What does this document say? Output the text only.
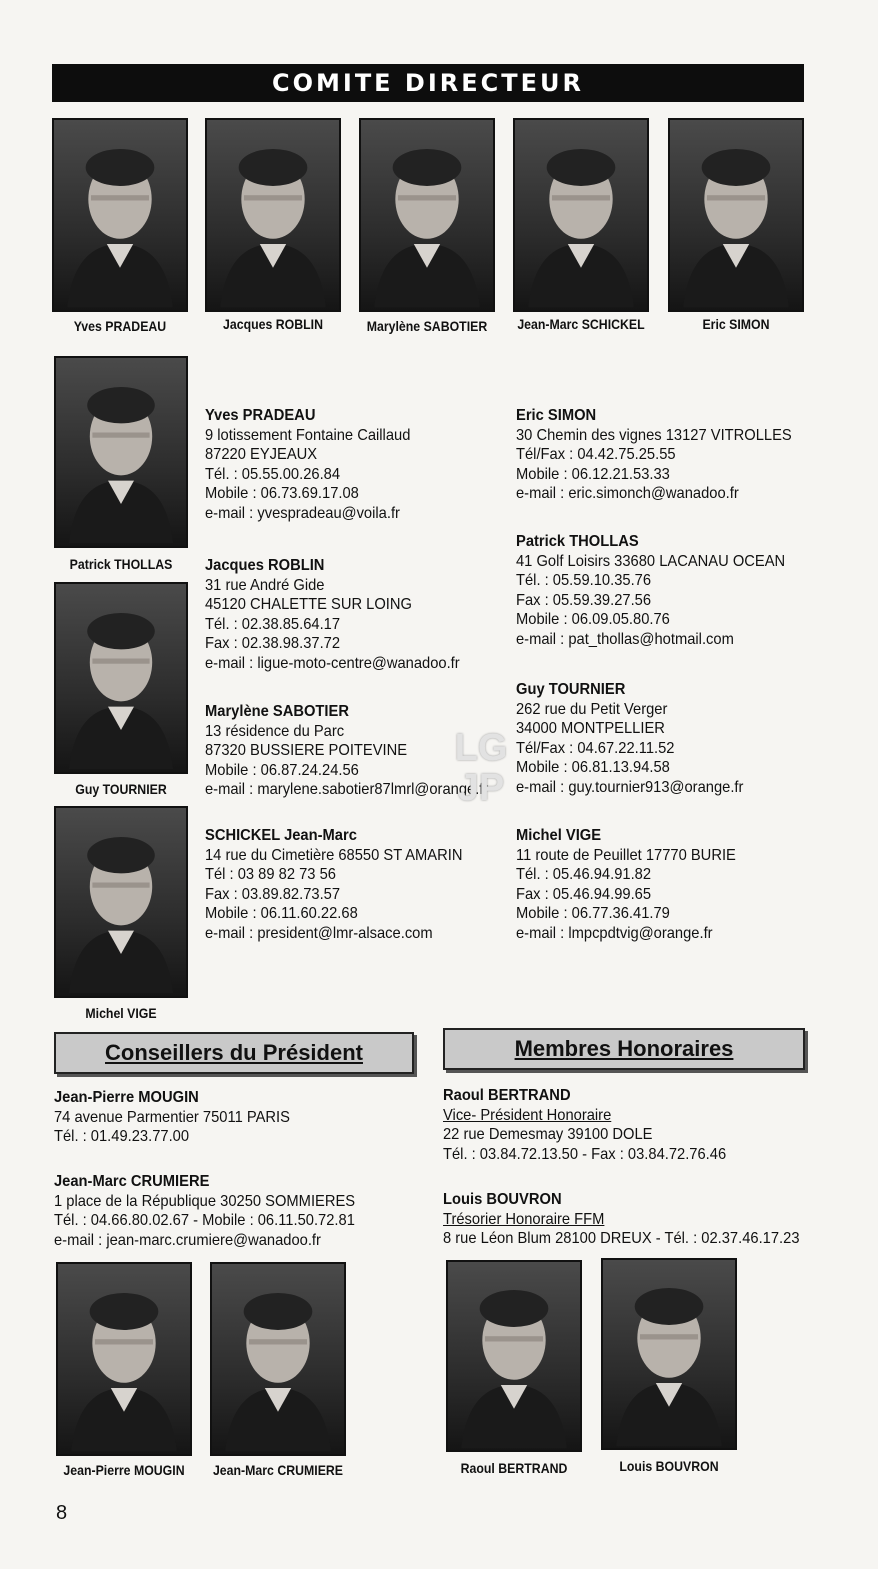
COMITE DIRECTEUR
Yves PRADEAU	Jacques ROBLIN	Marylène SABOTIER	Jean-Marc SCHICKEL	Eric SIMON
Patrick THOLLAS
Guy TOURNIER
Michel VIGE
Yves PRADEAU
9 lotissement Fontaine Caillaud
87220 EYJEAUX
Tél. : 05.55.00.26.84
Mobile : 06.73.69.17.08
e-mail : yvespradeau@voila.fr
Jacques ROBLIN
31 rue André Gide
45120 CHALETTE SUR LOING
Tél. : 02.38.85.64.17
Fax : 02.38.98.37.72
e-mail : ligue-moto-centre@wanadoo.fr
Marylène SABOTIER
13 résidence du Parc
87320 BUSSIERE POITEVINE
Mobile : 06.87.24.24.56
e-mail : marylene.sabotier87lmrl@orange.fr
SCHICKEL Jean-Marc
14 rue du Cimetière 68550 ST AMARIN
Tél : 03 89 82 73 56
Fax : 03.89.82.73.57
Mobile : 06.11.60.22.68
e-mail : president@lmr-alsace.com
Eric SIMON
30 Chemin des vignes 13127 VITROLLES
Tél/Fax : 04.42.75.25.55
Mobile : 06.12.21.53.33
e-mail : eric.simonch@wanadoo.fr
Patrick THOLLAS
41 Golf Loisirs 33680 LACANAU OCEAN
Tél. : 05.59.10.35.76
Fax : 05.59.39.27.56
Mobile : 06.09.05.80.76
e-mail : pat_thollas@hotmail.com
Guy TOURNIER
262 rue du Petit Verger
34000 MONTPELLIER
Tél/Fax : 04.67.22.11.52
Mobile : 06.81.13.94.58
e-mail : guy.tournier913@orange.fr
Michel VIGE
11 route de Peuillet 17770 BURIE
Tél. : 05.46.94.91.82
Fax : 05.46.94.99.65
Mobile : 06.77.36.41.79
e-mail : lmpcpdtvig@orange.fr
LG JP
Conseillers du Président	Membres Honoraires
Jean-Pierre MOUGIN
74 avenue Parmentier 75011 PARIS
Tél. : 01.49.23.77.00
Jean-Marc CRUMIERE
1 place de la République 30250 SOMMIERES
Tél. : 04.66.80.02.67 - Mobile : 06.11.50.72.81
e-mail : jean-marc.crumiere@wanadoo.fr
Raoul BERTRAND
Vice- Président Honoraire
22 rue Demesmay 39100 DOLE
Tél. : 03.84.72.13.50 - Fax : 03.84.72.76.46
Louis BOUVRON
Trésorier Honoraire FFM
8 rue Léon Blum 28100 DREUX - Tél. : 02.37.46.17.23
Jean-Pierre MOUGIN	Jean-Marc CRUMIERE	Raoul BERTRAND	Louis BOUVRON
8
